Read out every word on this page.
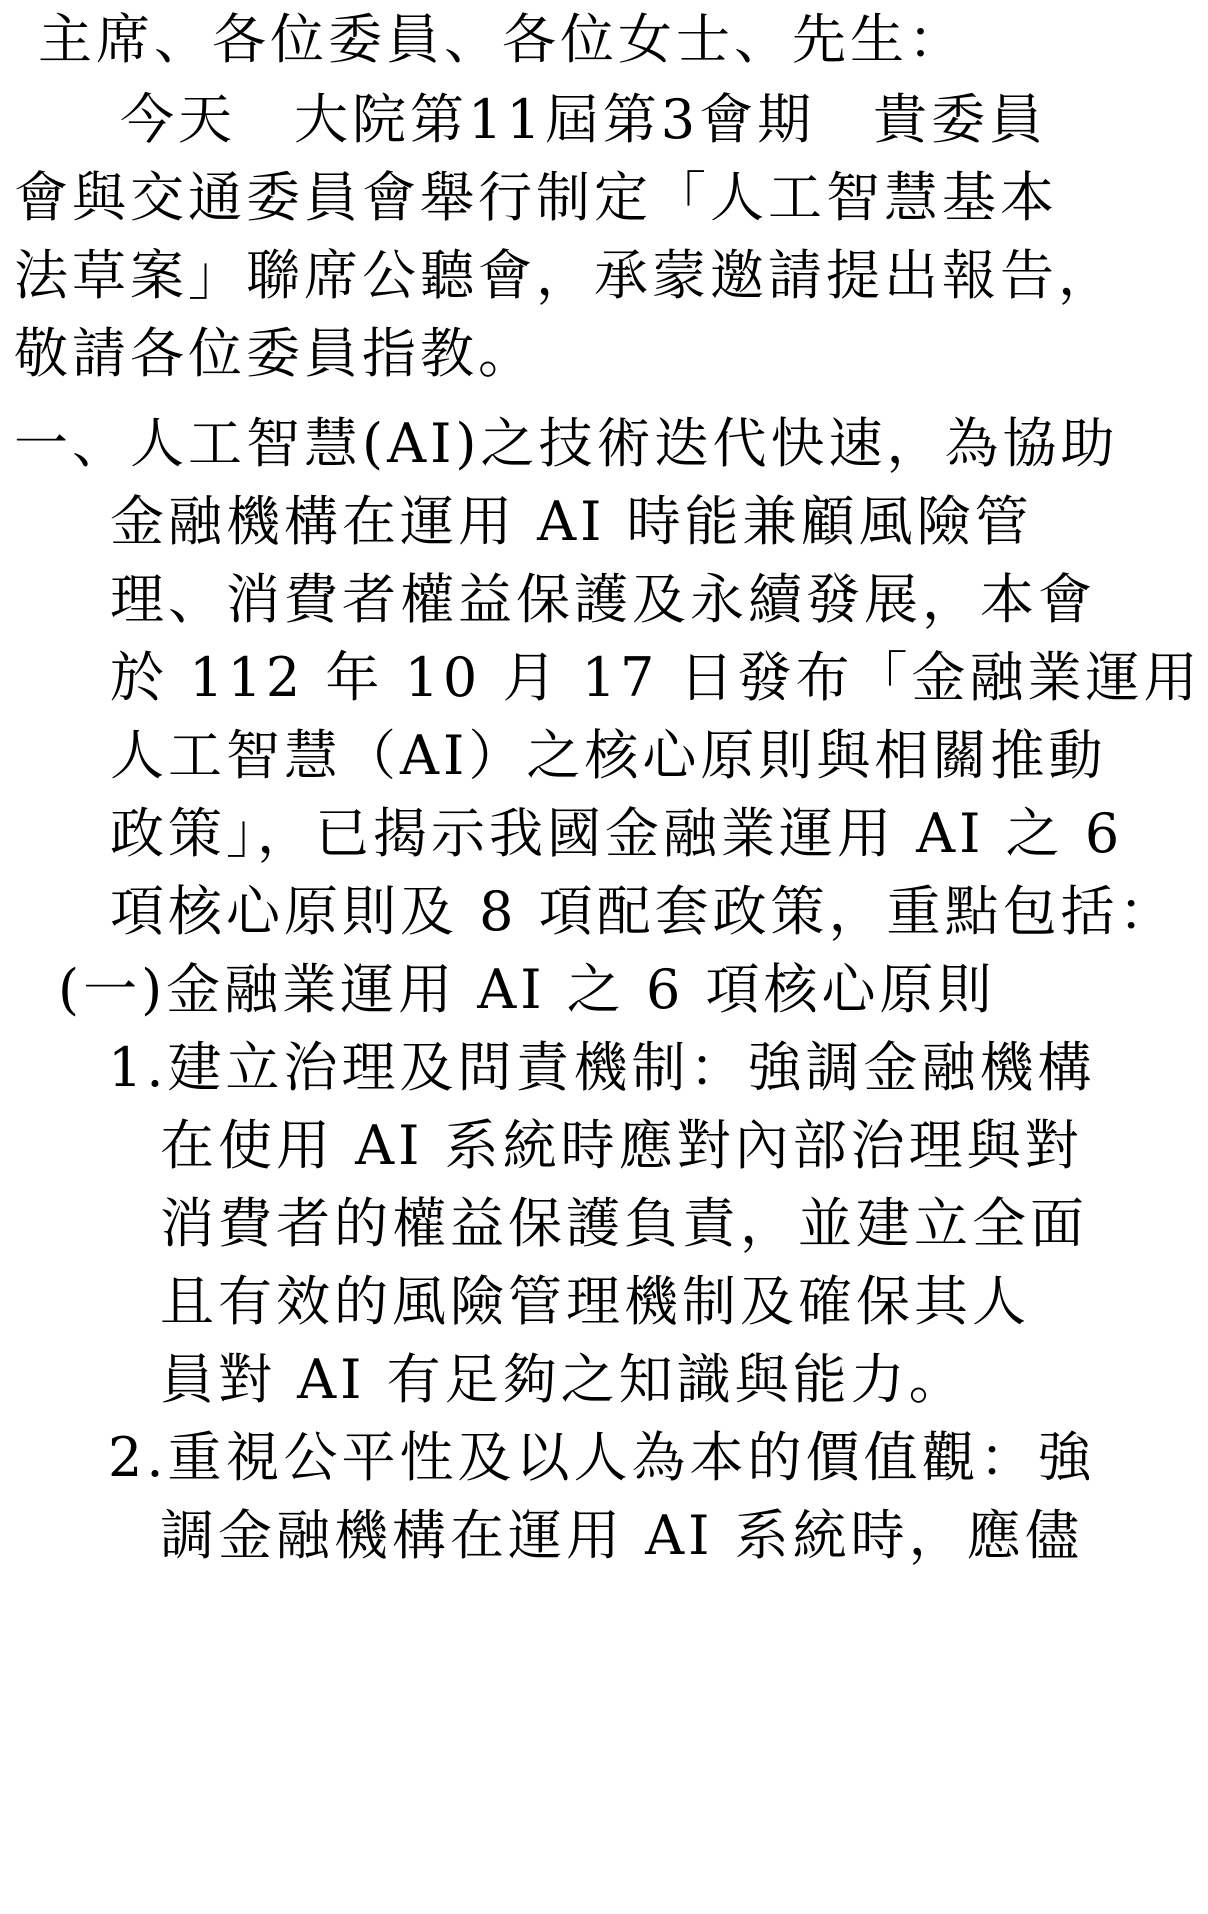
主席、各位委員、各位女士、先生：
今天　大院第11屆第3會期　貴委員
會與交通委員會舉行制定「人工智慧基本
法草案」聯席公聽會，承蒙邀請提出報告，
敬請各位委員指教。
一、人工智慧(AI)之技術迭代快速，為協助
金融機構在運用 AI 時能兼顧風險管
理、消費者權益保護及永續發展，本會
於 112 年 10 月 17 日發布「金融業運用
人工智慧（AI）之核心原則與相關推動
政策」，已揭示我國金融業運用 AI 之 6
項核心原則及 8 項配套政策，重點包括：
(一)金融業運用 AI 之 6 項核心原則
1.建立治理及問責機制：強調金融機構
在使用 AI 系統時應對內部治理與對
消費者的權益保護負責，並建立全面
且有效的風險管理機制及確保其人
員對 AI 有足夠之知識與能力。
2.重視公平性及以人為本的價值觀：強
調金融機構在運用 AI 系統時，應儘
